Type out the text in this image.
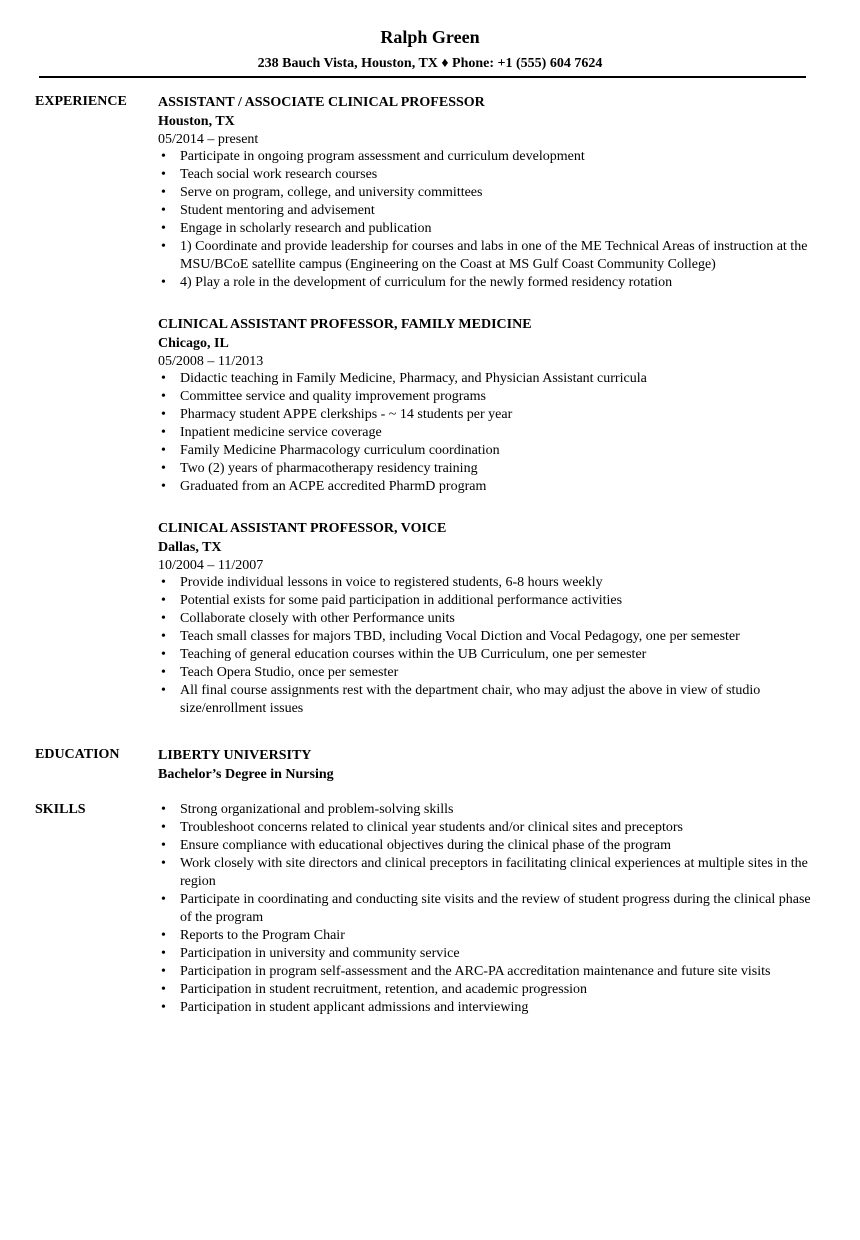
Ralph Green
238 Bauch Vista, Houston, TX ♦ Phone: +1 (555) 604 7624
EXPERIENCE	ASSISTANT / ASSOCIATE CLINICAL PROFESSOR
Houston, TX
05/2014 – present
• Participate in ongoing program assessment and curriculum development
• Teach social work research courses
• Serve on program, college, and university committees
• Student mentoring and advisement
• Engage in scholarly research and publication
• 1) Coordinate and provide leadership for courses and labs in one of the ME Technical Areas of instruction at the MSU/BCoE satellite campus (Engineering on the Coast at MS Gulf Coast Community College)
• 4) Play a role in the development of curriculum for the newly formed residency rotation
CLINICAL ASSISTANT PROFESSOR, FAMILY MEDICINE
Chicago, IL
05/2008 – 11/2013
• Didactic teaching in Family Medicine, Pharmacy, and Physician Assistant curricula
• Committee service and quality improvement programs
• Pharmacy student APPE clerkships - ~ 14 students per year
• Inpatient medicine service coverage
• Family Medicine Pharmacology curriculum coordination
• Two (2) years of pharmacotherapy residency training
• Graduated from an ACPE accredited PharmD program
CLINICAL ASSISTANT PROFESSOR, VOICE
Dallas, TX
10/2004 – 11/2007
• Provide individual lessons in voice to registered students, 6-8 hours weekly
• Potential exists for some paid participation in additional performance activities
• Collaborate closely with other Performance units
• Teach small classes for majors TBD, including Vocal Diction and Vocal Pedagogy, one per semester
• Teaching of general education courses within the UB Curriculum, one per semester
• Teach Opera Studio, once per semester
• All final course assignments rest with the department chair, who may adjust the above in view of studio size/enrollment issues
EDUCATION	LIBERTY UNIVERSITY
Bachelor’s Degree in Nursing
SKILLS	• Strong organizational and problem-solving skills
• Troubleshoot concerns related to clinical year students and/or clinical sites and preceptors
• Ensure compliance with educational objectives during the clinical phase of the program
• Work closely with site directors and clinical preceptors in facilitating clinical experiences at multiple sites in the region
• Participate in coordinating and conducting site visits and the review of student progress during the clinical phase of the program
• Reports to the Program Chair
• Participation in university and community service
• Participation in program self-assessment and the ARC-PA accreditation maintenance and future site visits
• Participation in student recruitment, retention, and academic progression
• Participation in student applicant admissions and interviewing
